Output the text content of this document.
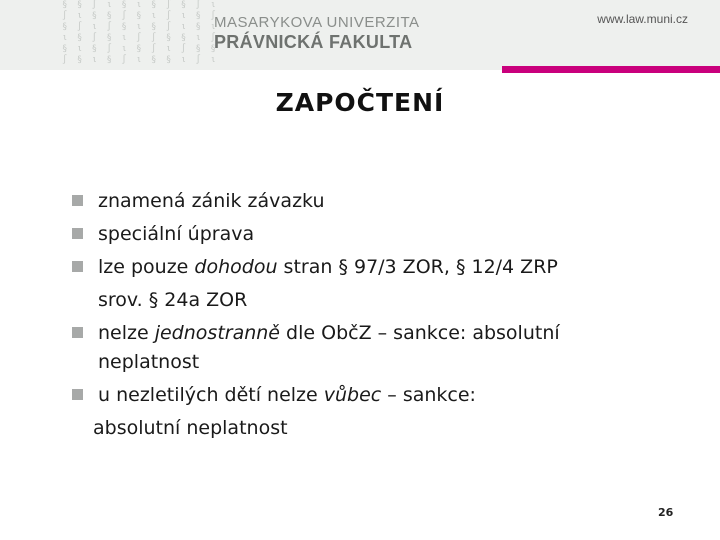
§ § ∫ ι § ι § ∫ § ∫ ι
∫ ι § § ∫ § ι ∫ ι § ∫
§ ∫ ι ∫ § ι § ∫ ι § ι
ι § ∫ § ι ∫ ∫ § § ι ∫
§ ι § ∫ ι § ∫ ι ∫ § §
∫ § ι § ∫ ι § § ι ∫ ι
MASARYKOVA UNIVERZITA
PRÁVNICKÁ FAKULTA
www.law.muni.cz
ZAPOČTENÍ
znamená zánik závazku
speciální úprava
lze pouze dohodou stran § 97/3 ZOR, § 12/4 ZRP
srov. § 24a ZOR
nelze jednostranně dle ObčZ – sankce: absolutní
neplatnost
u nezletilých dětí nelze vůbec – sankce:
absolutní neplatnost
26
